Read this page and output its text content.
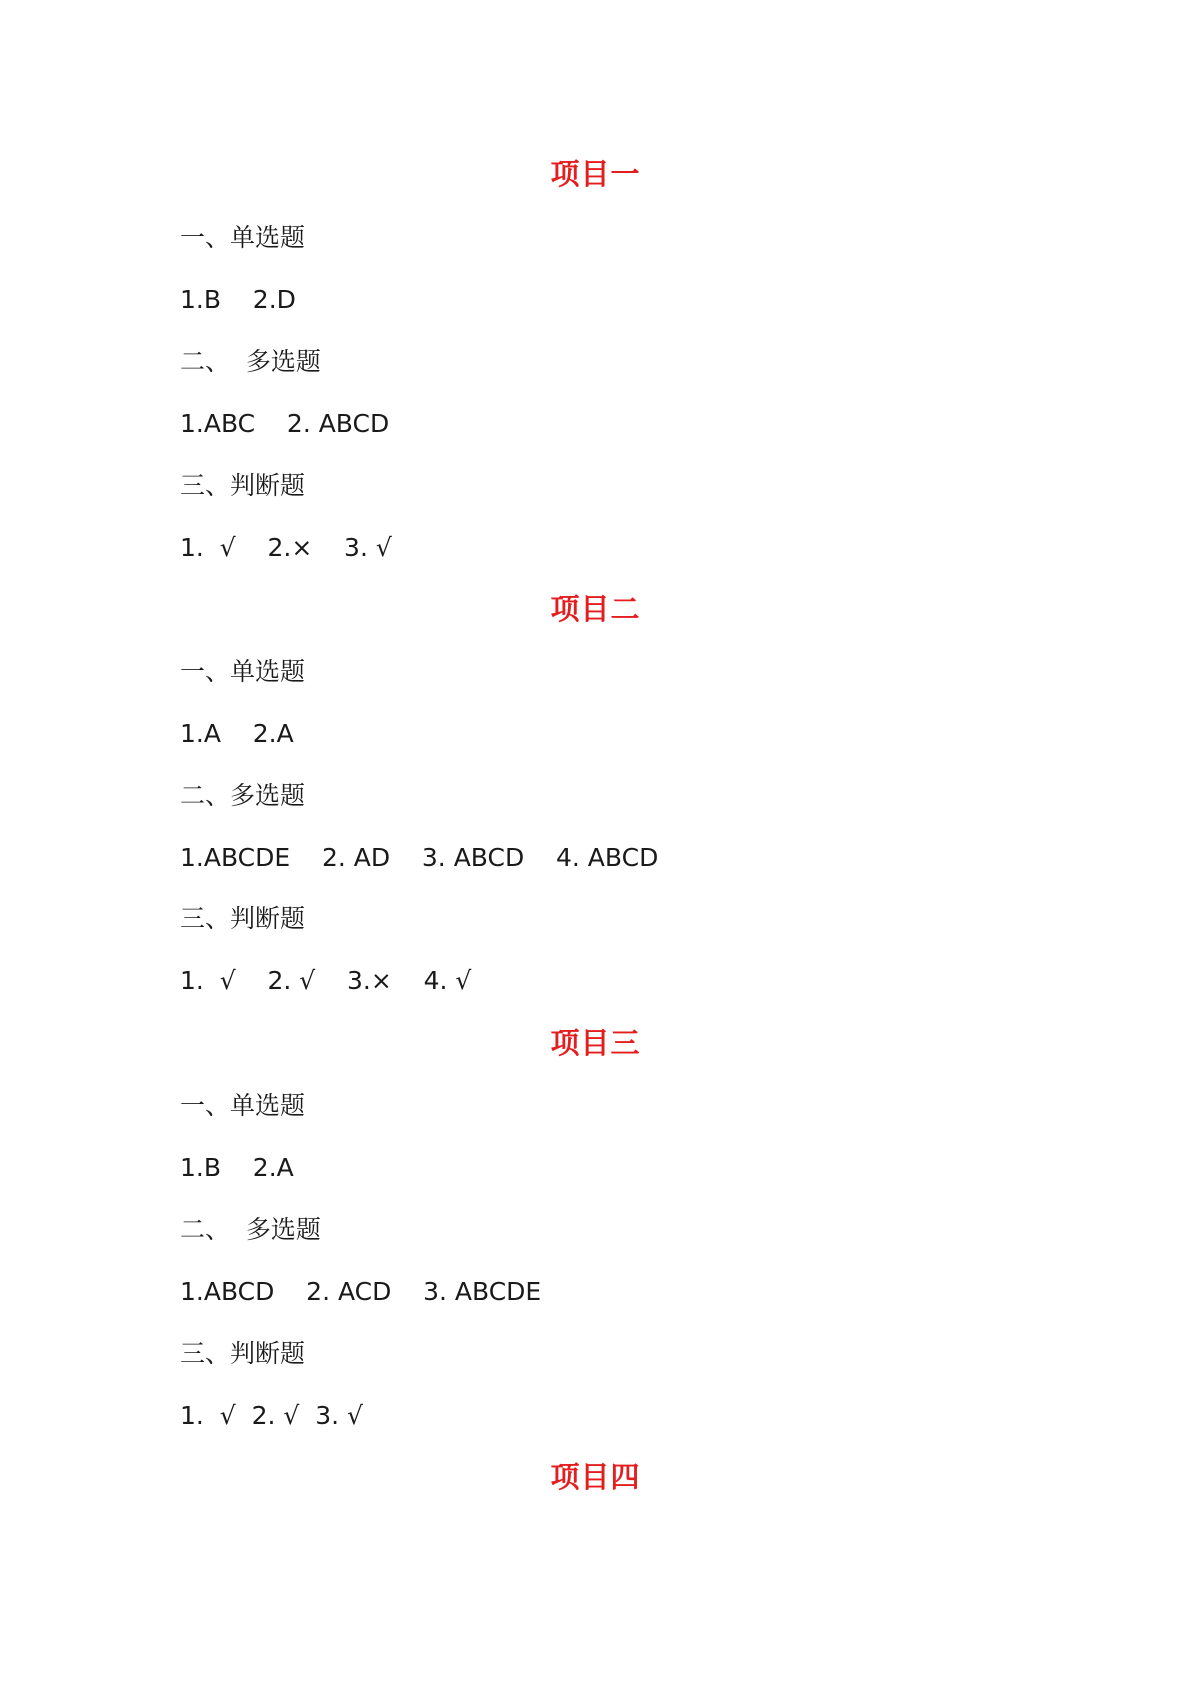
项目一
一、单选题
1.B    2.D
二、  多选题
1.ABC    2. ABCD
三、判断题
1.  √    2.×    3. √
项目二
一、单选题
1.A    2.A
二、多选题
1.ABCDE    2. AD    3. ABCD    4. ABCD
三、判断题
1.  √    2. √    3.×    4. √
项目三
一、单选题
1.B    2.A
二、  多选题
1.ABCD    2. ACD    3. ABCDE
三、判断题
1.  √  2. √  3. √
项目四
